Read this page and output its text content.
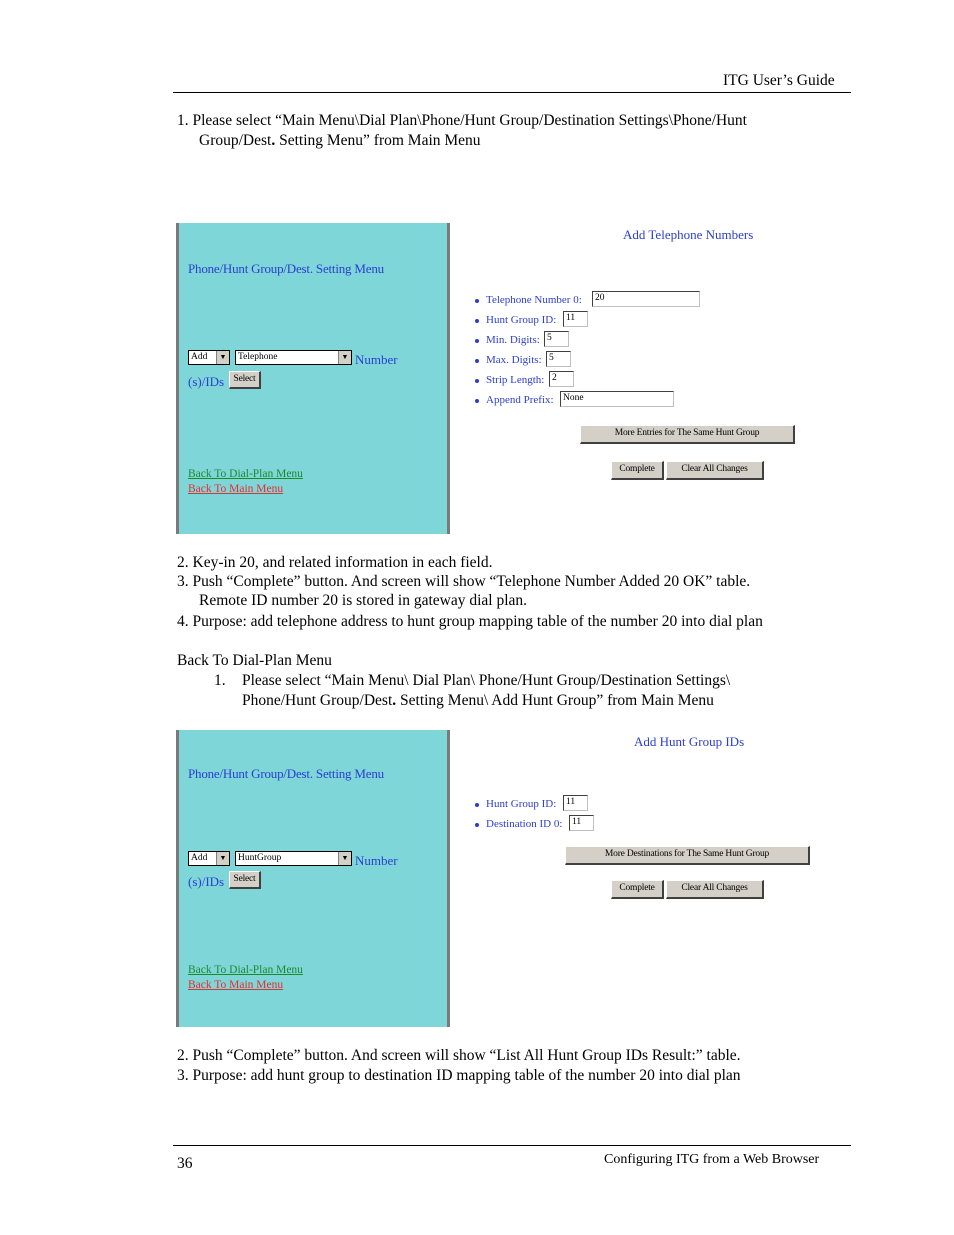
ITG User’s Guide
1. Please select “Main Menu\Dial Plan\Phone/Hunt Group/Destination Settings\Phone/Hunt
Group/Dest. Setting Menu” from Main Menu
Phone/Hunt Group/Dest. Setting Menu
Add	▼	Telephone	▼ Number
(s)/IDs Select
Back To Dial-Plan Menu
Back To Main Menu
Add Telephone Numbers
Telephone Number 0:	20
Hunt Group ID:	11
Min. Digits: 5
Max. Digits: 5
Strip Length: 2
Append Prefix: None
More Entries for The Same Hunt Group
Complete	Clear All Changes
2. Key-in 20, and related information in each field.
3. Push “Complete” button. And screen will show “Telephone Number Added 20 OK” table.
Remote ID number 20 is stored in gateway dial plan.
4. Purpose: add telephone address to hunt group mapping table of the number 20 into dial plan
Back To Dial-Plan Menu
1. Please select “Main Menu\ Dial Plan\ Phone/Hunt Group/Destination Settings\
Phone/Hunt Group/Dest. Setting Menu\ Add Hunt Group” from Main Menu
Phone/Hunt Group/Dest. Setting Menu
Add	▼	HuntGroup	▼ Number
(s)/IDs Select
Back To Dial-Plan Menu
Back To Main Menu
Add Hunt Group IDs
Hunt Group ID:	11
Destination ID 0:	11
More Destinations for The Same Hunt Group
Complete	Clear All Changes
2. Push “Complete” button. And screen will show “List All Hunt Group IDs Result:” table.
3. Purpose: add hunt group to destination ID mapping table of the number 20 into dial plan
36	Configuring ITG from a Web Browser
